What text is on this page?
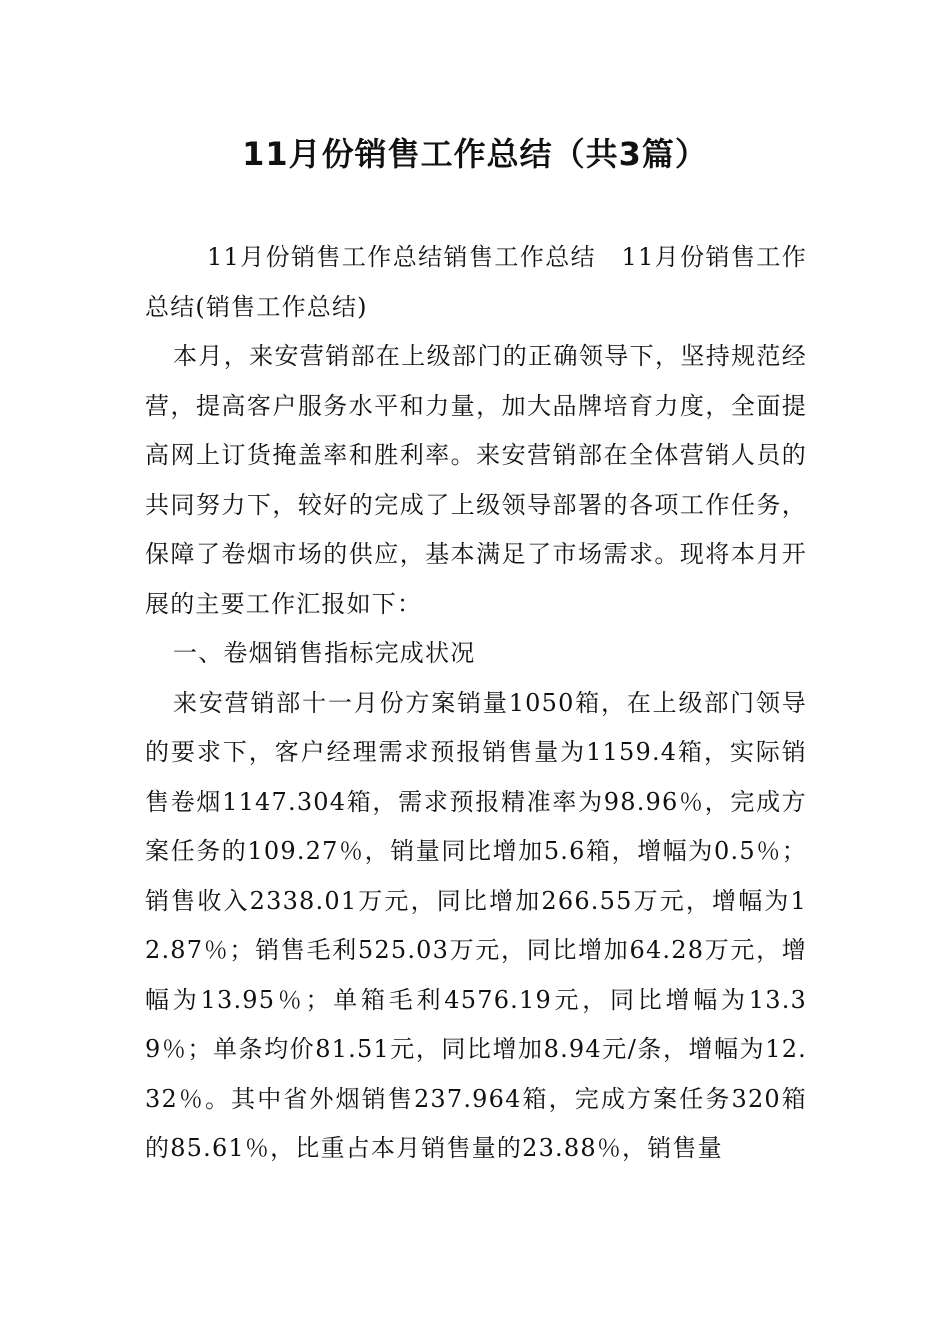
11月份销售工作总结（共3篇）

11月份销售工作总结销售工作总结　11月份销售工作总结(销售工作总结)

本月，来安营销部在上级部门的正确领导下，坚持规范经营，提高客户服务水平和力量，加大品牌培育力度，全面提高网上订货掩盖率和胜利率。来安营销部在全体营销人员的共同努力下，较好的完成了上级领导部署的各项工作任务，保障了卷烟市场的供应，基本满足了市场需求。现将本月开展的主要工作汇报如下：

一、卷烟销售指标完成状况

来安营销部十一月份方案销量1050箱，在上级部门领导的要求下，客户经理需求预报销售量为1159.4箱，实际销售卷烟1147.304箱，需求预报精准率为98.96％，完成方案任务的109.27％，销量同比增加5.6箱，增幅为0.5％；销售收入2338.01万元，同比增加266.55万元，增幅为12.87％；销售毛利525.03万元，同比增加64.28万元，增幅为13.95％；单箱毛利4576.19元，同比增幅为13.39％；单条均价81.51元，同比增加8.94元/条，增幅为12.32％。其中省外烟销售237.964箱，完成方案任务320箱的85.61％，比重占本月销售量的23.88％，销售量
